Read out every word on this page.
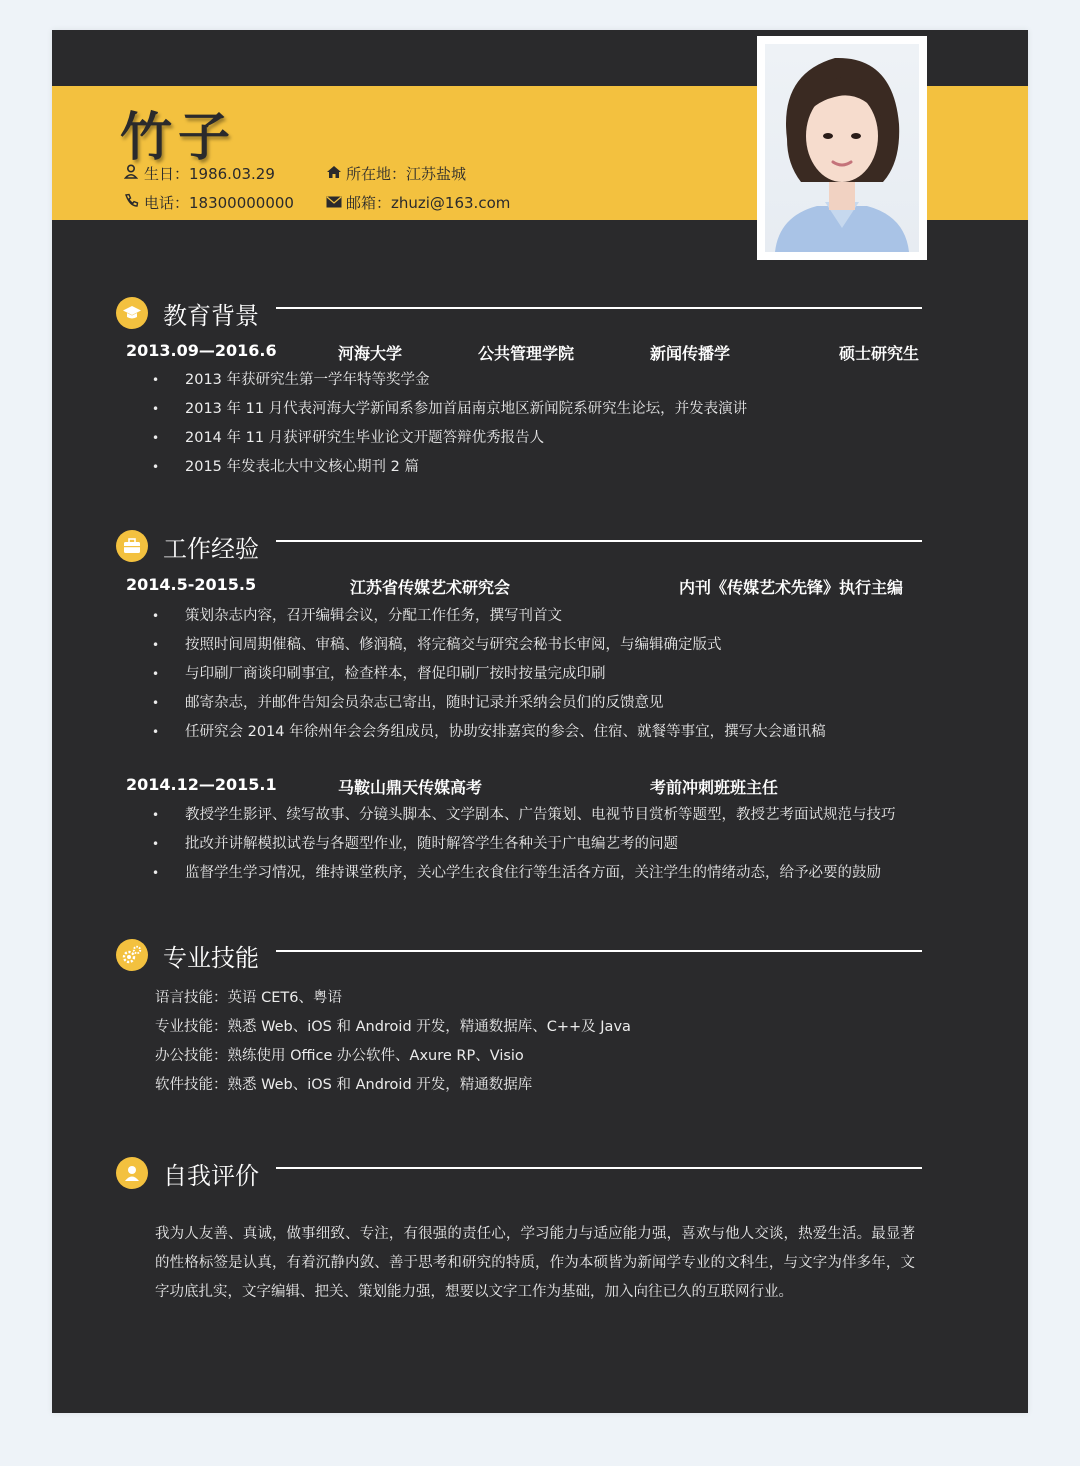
竹子
生日：1986.03.29	所在地：江苏盐城
电话：18300000000	邮箱：zhuzi@163.com
教育背景
2013.09—2016.6	河海大学	公共管理学院	新闻传播学	硕士研究生
• 2013 年获研究生第一学年特等奖学金
• 2013 年 11 月代表河海大学新闻系参加首届南京地区新闻院系研究生论坛，并发表演讲
• 2014 年 11 月获评研究生毕业论文开题答辩优秀报告人
• 2015 年发表北大中文核心期刊 2 篇
工作经验
2014.5-2015.5	江苏省传媒艺术研究会	内刊《传媒艺术先锋》执行主编
• 策划杂志内容，召开编辑会议，分配工作任务，撰写刊首文
• 按照时间周期催稿、审稿、修润稿，将完稿交与研究会秘书长审阅，与编辑确定版式
• 与印刷厂商谈印刷事宜，检查样本，督促印刷厂按时按量完成印刷
• 邮寄杂志，并邮件告知会员杂志已寄出，随时记录并采纳会员们的反馈意见
• 任研究会 2014 年徐州年会会务组成员，协助安排嘉宾的参会、住宿、就餐等事宜，撰写大会通讯稿
2014.12—2015.1	马鞍山鼎天传媒高考	考前冲刺班班主任
• 教授学生影评、续写故事、分镜头脚本、文学剧本、广告策划、电视节目赏析等题型，教授艺考面试规范与技巧
• 批改并讲解模拟试卷与各题型作业，随时解答学生各种关于广电编艺考的问题
• 监督学生学习情况，维持课堂秩序，关心学生衣食住行等生活各方面，关注学生的情绪动态，给予必要的鼓励
专业技能
语言技能：英语 CET6、粤语
专业技能：熟悉 Web、iOS 和 Android 开发，精通数据库、C++及 Java
办公技能：熟练使用 Office 办公软件、Axure RP、Visio
软件技能：熟悉 Web、iOS 和 Android 开发，精通数据库
自我评价
我为人友善、真诚，做事细致、专注，有很强的责任心，学习能力与适应能力强，喜欢与他人交谈，热爱生活。最显著的性格标签是认真，有着沉静内敛、善于思考和研究的特质，作为本硕皆为新闻学专业的文科生，与文字为伴多年，文字功底扎实，文字编辑、把关、策划能力强，想要以文字工作为基础，加入向往已久的互联网行业。
